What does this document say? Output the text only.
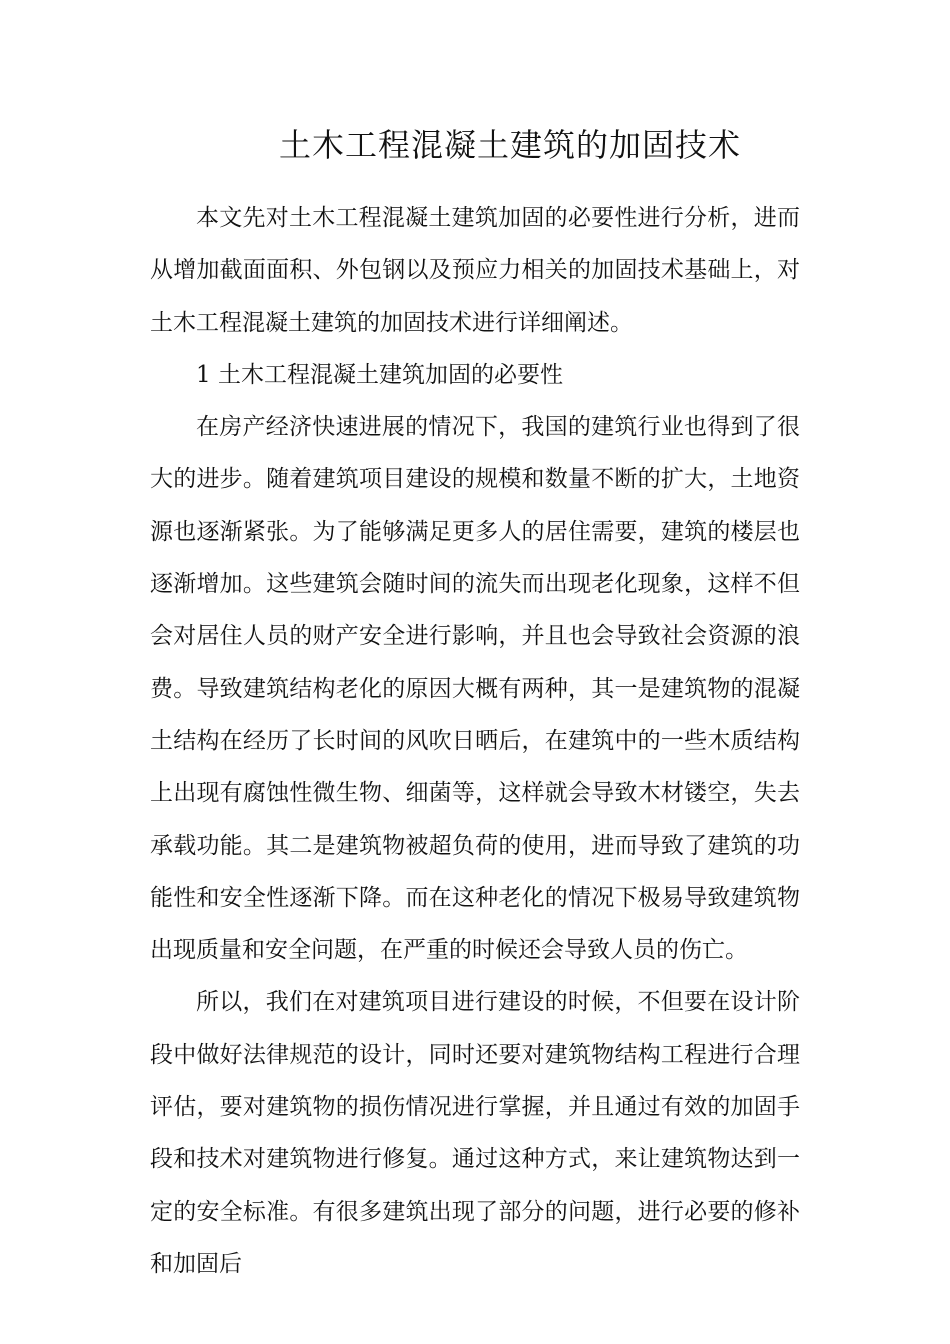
土木工程混凝土建筑的加固技术

本文先对土木工程混凝土建筑加固的必要性进行分析，进而从增加截面面积、外包钢以及预应力相关的加固技术基础上，对土木工程混凝土建筑的加固技术进行详细阐述。

1 土木工程混凝土建筑加固的必要性

在房产经济快速进展的情况下，我国的建筑行业也得到了很大的进步。随着建筑项目建设的规模和数量不断的扩大，土地资源也逐渐紧张。为了能够满足更多人的居住需要，建筑的楼层也逐渐增加。这些建筑会随时间的流失而出现老化现象，这样不但会对居住人员的财产安全进行影响，并且也会导致社会资源的浪费。导致建筑结构老化的原因大概有两种，其一是建筑物的混凝土结构在经历了长时间的风吹日晒后，在建筑中的一些木质结构上出现有腐蚀性微生物、细菌等，这样就会导致木材镂空，失去承载功能。其二是建筑物被超负荷的使用，进而导致了建筑的功能性和安全性逐渐下降。而在这种老化的情况下极易导致建筑物出现质量和安全问题，在严重的时候还会导致人员的伤亡。

所以，我们在对建筑项目进行建设的时候，不但要在设计阶段中做好法律规范的设计，同时还要对建筑物结构工程进行合理评估，要对建筑物的损伤情况进行掌握，并且通过有效的加固手段和技术对建筑物进行修复。通过这种方式，来让建筑物达到一定的安全标准。有很多建筑出现了部分的问题，进行必要的修补和加固后
